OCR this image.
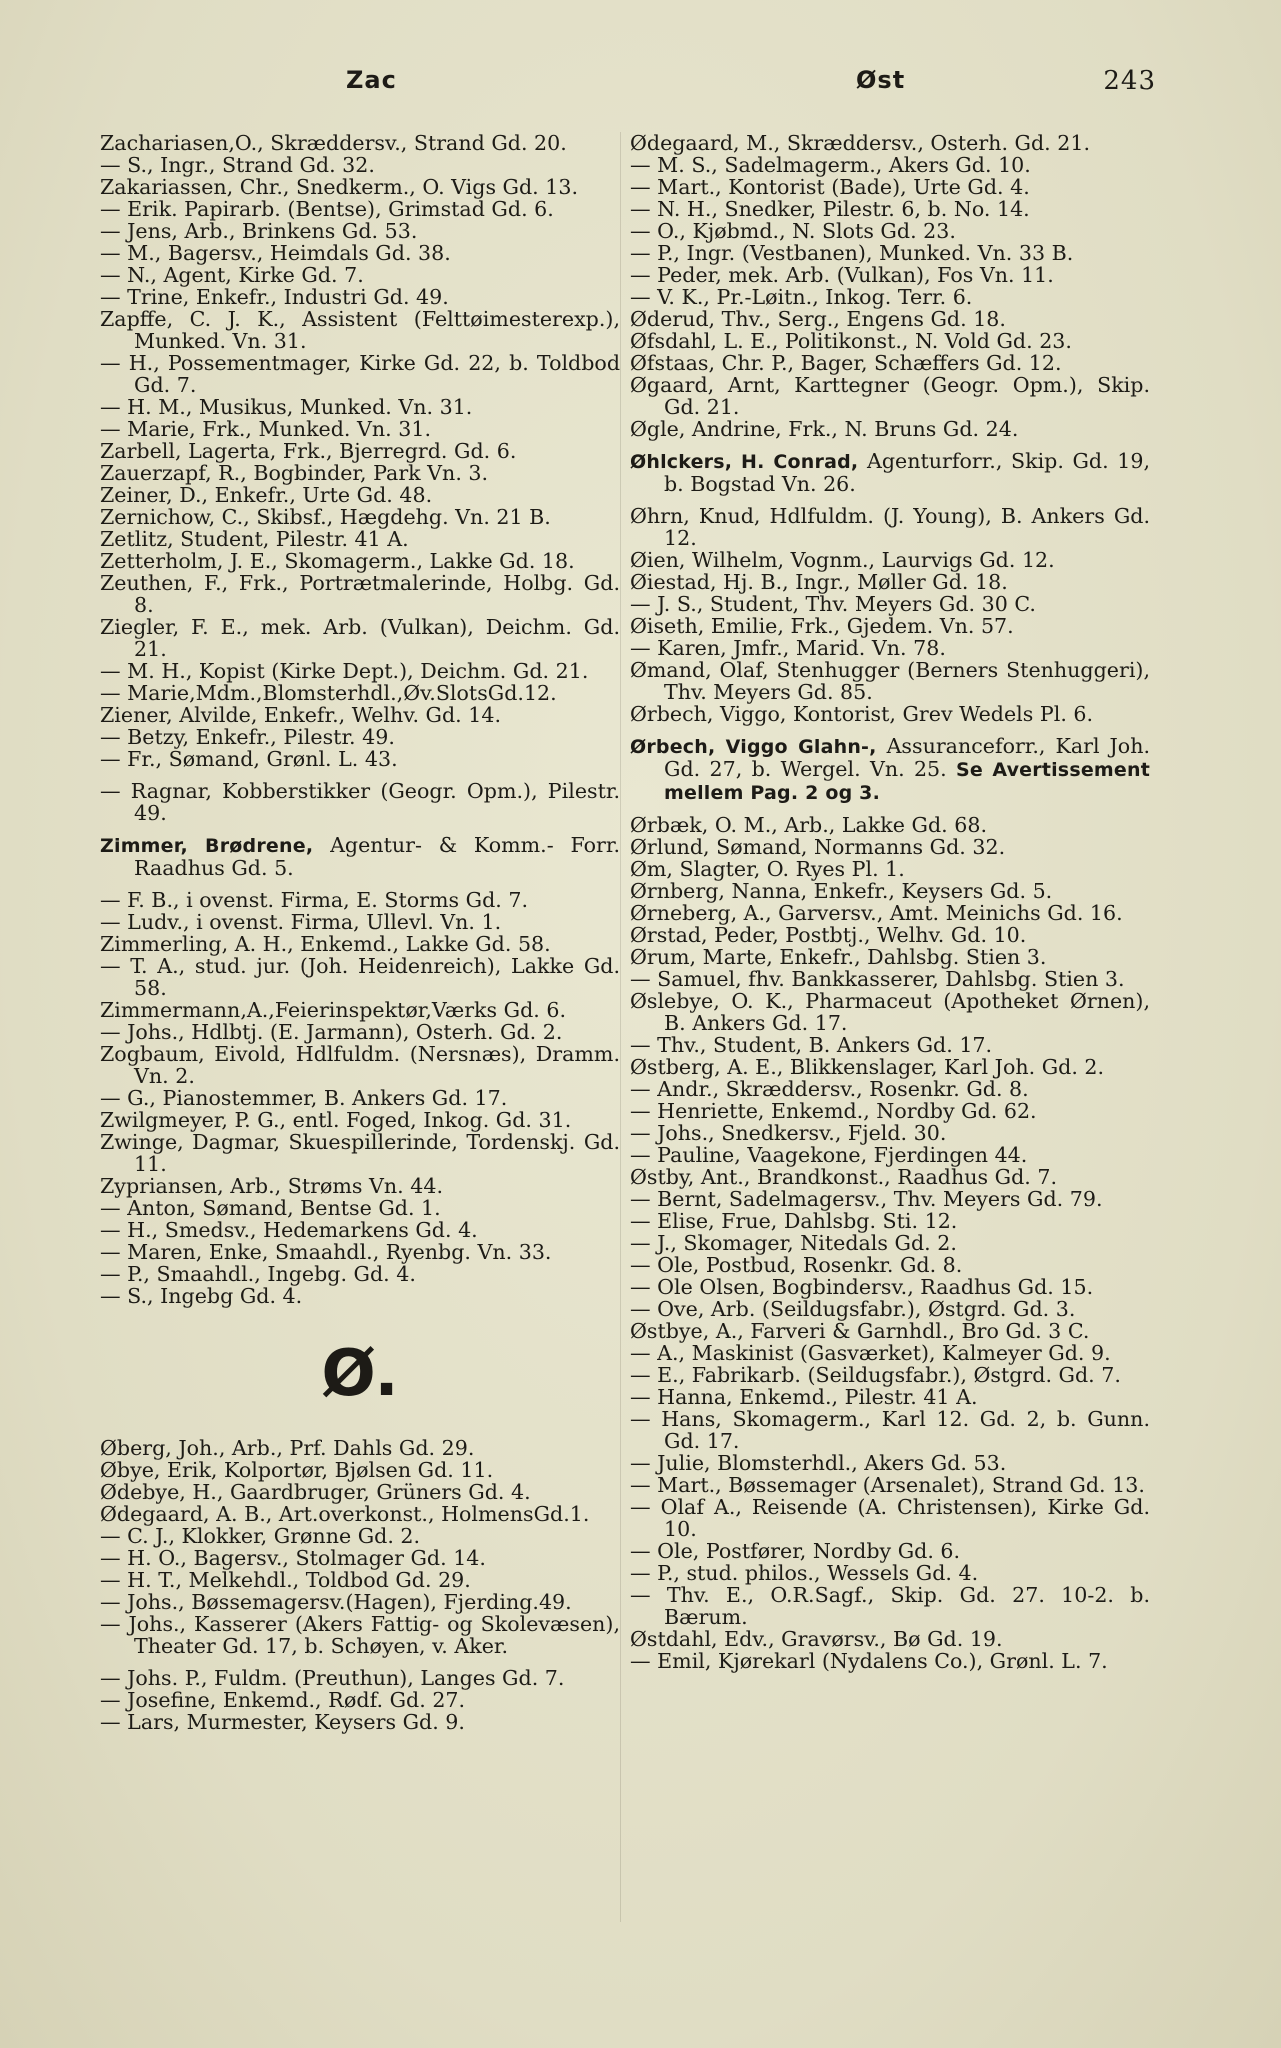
Zac	Øst	243

Zachariasen,O., Skræddersv., Strand Gd. 20.

— S., Ingr., Strand Gd. 32.

Zakariassen, Chr., Snedkerm., O. Vigs Gd. 13.

— Erik. Papirarb. (Bentse), Grimstad Gd. 6.

— Jens, Arb., Brinkens Gd. 53.

— M., Bagersv., Heimdals Gd. 38.

— N., Agent, Kirke Gd. 7.

— Trine, Enkefr., Industri Gd. 49.

Zapffe, C. J. K., Assistent (Felttøimesterexp.), Munked. Vn. 31.

— H., Possementmager, Kirke Gd. 22, b. Toldbod Gd. 7.

— H. M., Musikus, Munked. Vn. 31.

— Marie, Frk., Munked. Vn. 31.

Zarbell, Lagerta, Frk., Bjerregrd. Gd. 6.

Zauerzapf, R., Bogbinder, Park Vn. 3.

Zeiner, D., Enkefr., Urte Gd. 48.

Zernichow, C., Skibsf., Hægdehg. Vn. 21 B.

Zetlitz, Student, Pilestr. 41 A.

Zetterholm, J. E., Skomagerm., Lakke Gd. 18.

Zeuthen, F., Frk., Portrætmalerinde, Holbg. Gd. 8.

Ziegler, F. E., mek. Arb. (Vulkan), Deichm. Gd. 21.

— M. H., Kopist (Kirke Dept.), Deichm. Gd. 21.

— Marie,Mdm.,Blomsterhdl.,Øv.SlotsGd.12.

Ziener, Alvilde, Enkefr., Welhv. Gd. 14.

— Betzy, Enkefr., Pilestr. 49.

— Fr., Sømand, Grønl. L. 43.

— Ragnar, Kobberstikker (Geogr. Opm.), Pilestr. 49.

Zimmer, Brødrene, Agentur- & Komm.- Forr. Raadhus Gd. 5.

— F. B., i ovenst. Firma, E. Storms Gd. 7.

— Ludv., i ovenst. Firma, Ullevl. Vn. 1.

Zimmerling, A. H., Enkemd., Lakke Gd. 58.

— T. A., stud. jur. (Joh. Heidenreich), Lakke Gd. 58.

Zimmermann,A.,Feierinspektør,Værks Gd. 6.

— Johs., Hdlbtj. (E. Jarmann), Osterh. Gd. 2.

Zogbaum, Eivold, Hdlfuldm. (Nersnæs), Dramm. Vn. 2.

— G., Pianostemmer, B. Ankers Gd. 17.

Zwilgmeyer, P. G., entl. Foged, Inkog. Gd. 31.

Zwinge, Dagmar, Skuespillerinde, Tordenskj. Gd. 11.

Zypriansen, Arb., Strøms Vn. 44.

— Anton, Sømand, Bentse Gd. 1.

— H., Smedsv., Hedemarkens Gd. 4.

— Maren, Enke, Smaahdl., Ryenbg. Vn. 33.

— P., Smaahdl., Ingebg. Gd. 4.

— S., Ingebg Gd. 4.

Ø.

Øberg, Joh., Arb., Prf. Dahls Gd. 29.

Øbye, Erik, Kolportør, Bjølsen Gd. 11.

Ødebye, H., Gaardbruger, Grüners Gd. 4.

Ødegaard, A. B., Art.overkonst., HolmensGd.1.

— C. J., Klokker, Grønne Gd. 2.

— H. O., Bagersv., Stolmager Gd. 14.

— H. T., Melkehdl., Toldbod Gd. 29.

— Johs., Bøssemagersv.(Hagen), Fjerding.49.

— Johs., Kasserer (Akers Fattig- og Skolevæsen), Theater Gd. 17, b. Schøyen, v. Aker.

— Johs. P., Fuldm. (Preuthun), Langes Gd. 7.

— Josefine, Enkemd., Rødf. Gd. 27.

— Lars, Murmester, Keysers Gd. 9.

Ødegaard, M., Skræddersv., Osterh. Gd. 21.

— M. S., Sadelmagerm., Akers Gd. 10.

— Mart., Kontorist (Bade), Urte Gd. 4.

— N. H., Snedker, Pilestr. 6, b. No. 14.

— O., Kjøbmd., N. Slots Gd. 23.

— P., Ingr. (Vestbanen), Munked. Vn. 33 B.

— Peder, mek. Arb. (Vulkan), Fos Vn. 11.

— V. K., Pr.-Løitn., Inkog. Terr. 6.

Øderud, Thv., Serg., Engens Gd. 18.

Øfsdahl, L. E., Politikonst., N. Vold Gd. 23.

Øfstaas, Chr. P., Bager, Schæffers Gd. 12.

Øgaard, Arnt, Karttegner (Geogr. Opm.), Skip. Gd. 21.

Øgle, Andrine, Frk., N. Bruns Gd. 24.

Øhlckers, H. Conrad, Agenturforr., Skip. Gd. 19, b. Bogstad Vn. 26.

Øhrn, Knud, Hdlfuldm. (J. Young), B. Ankers Gd. 12.

Øien, Wilhelm, Vognm., Laurvigs Gd. 12.

Øiestad, Hj. B., Ingr., Møller Gd. 18.

— J. S., Student, Thv. Meyers Gd. 30 C.

Øiseth, Emilie, Frk., Gjedem. Vn. 57.

— Karen, Jmfr., Marid. Vn. 78.

Ømand, Olaf, Stenhugger (Berners Stenhuggeri), Thv. Meyers Gd. 85.

Ørbech, Viggo, Kontorist, Grev Wedels Pl. 6.

Ørbech, Viggo Glahn-, Assuranceforr., Karl Joh. Gd. 27, b. Wergel. Vn. 25. Se Avertissement mellem Pag. 2 og 3.

Ørbæk, O. M., Arb., Lakke Gd. 68.

Ørlund, Sømand, Normanns Gd. 32.

Øm, Slagter, O. Ryes Pl. 1.

Ørnberg, Nanna, Enkefr., Keysers Gd. 5.

Ørneberg, A., Garversv., Amt. Meinichs Gd. 16.

Ørstad, Peder, Postbtj., Welhv. Gd. 10.

Ørum, Marte, Enkefr., Dahlsbg. Stien 3.

— Samuel, fhv. Bankkasserer, Dahlsbg. Stien 3.

Øslebye, O. K., Pharmaceut (Apotheket Ørnen), B. Ankers Gd. 17.

— Thv., Student, B. Ankers Gd. 17.

Østberg, A. E., Blikkenslager, Karl Joh. Gd. 2.

— Andr., Skræddersv., Rosenkr. Gd. 8.

— Henriette, Enkemd., Nordby Gd. 62.

— Johs., Snedkersv., Fjeld. 30.

— Pauline, Vaagekone, Fjerdingen 44.

Østby, Ant., Brandkonst., Raadhus Gd. 7.

— Bernt, Sadelmagersv., Thv. Meyers Gd. 79.

— Elise, Frue, Dahlsbg. Sti. 12.

— J., Skomager, Nitedals Gd. 2.

— Ole, Postbud, Rosenkr. Gd. 8.

— Ole Olsen, Bogbindersv., Raadhus Gd. 15.

— Ove, Arb. (Seildugsfabr.), Østgrd. Gd. 3.

Østbye, A., Farveri & Garnhdl., Bro Gd. 3 C.

— A., Maskinist (Gasværket), Kalmeyer Gd. 9.

— E., Fabrikarb. (Seildugsfabr.), Østgrd. Gd. 7.

— Hanna, Enkemd., Pilestr. 41 A.

— Hans, Skomagerm., Karl 12. Gd. 2, b. Gunn. Gd. 17.

— Julie, Blomsterhdl., Akers Gd. 53.

— Mart., Bøssemager (Arsenalet), Strand Gd. 13.

— Olaf A., Reisende (A. Christensen), Kirke Gd. 10.

— Ole, Postfører, Nordby Gd. 6.

— P., stud. philos., Wessels Gd. 4.

— Thv. E., O.R.Sagf., Skip. Gd. 27. 10-2. b. Bærum.

Østdahl, Edv., Gravørsv., Bø Gd. 19.

— Emil, Kjørekarl (Nydalens Co.), Grønl. L. 7.
